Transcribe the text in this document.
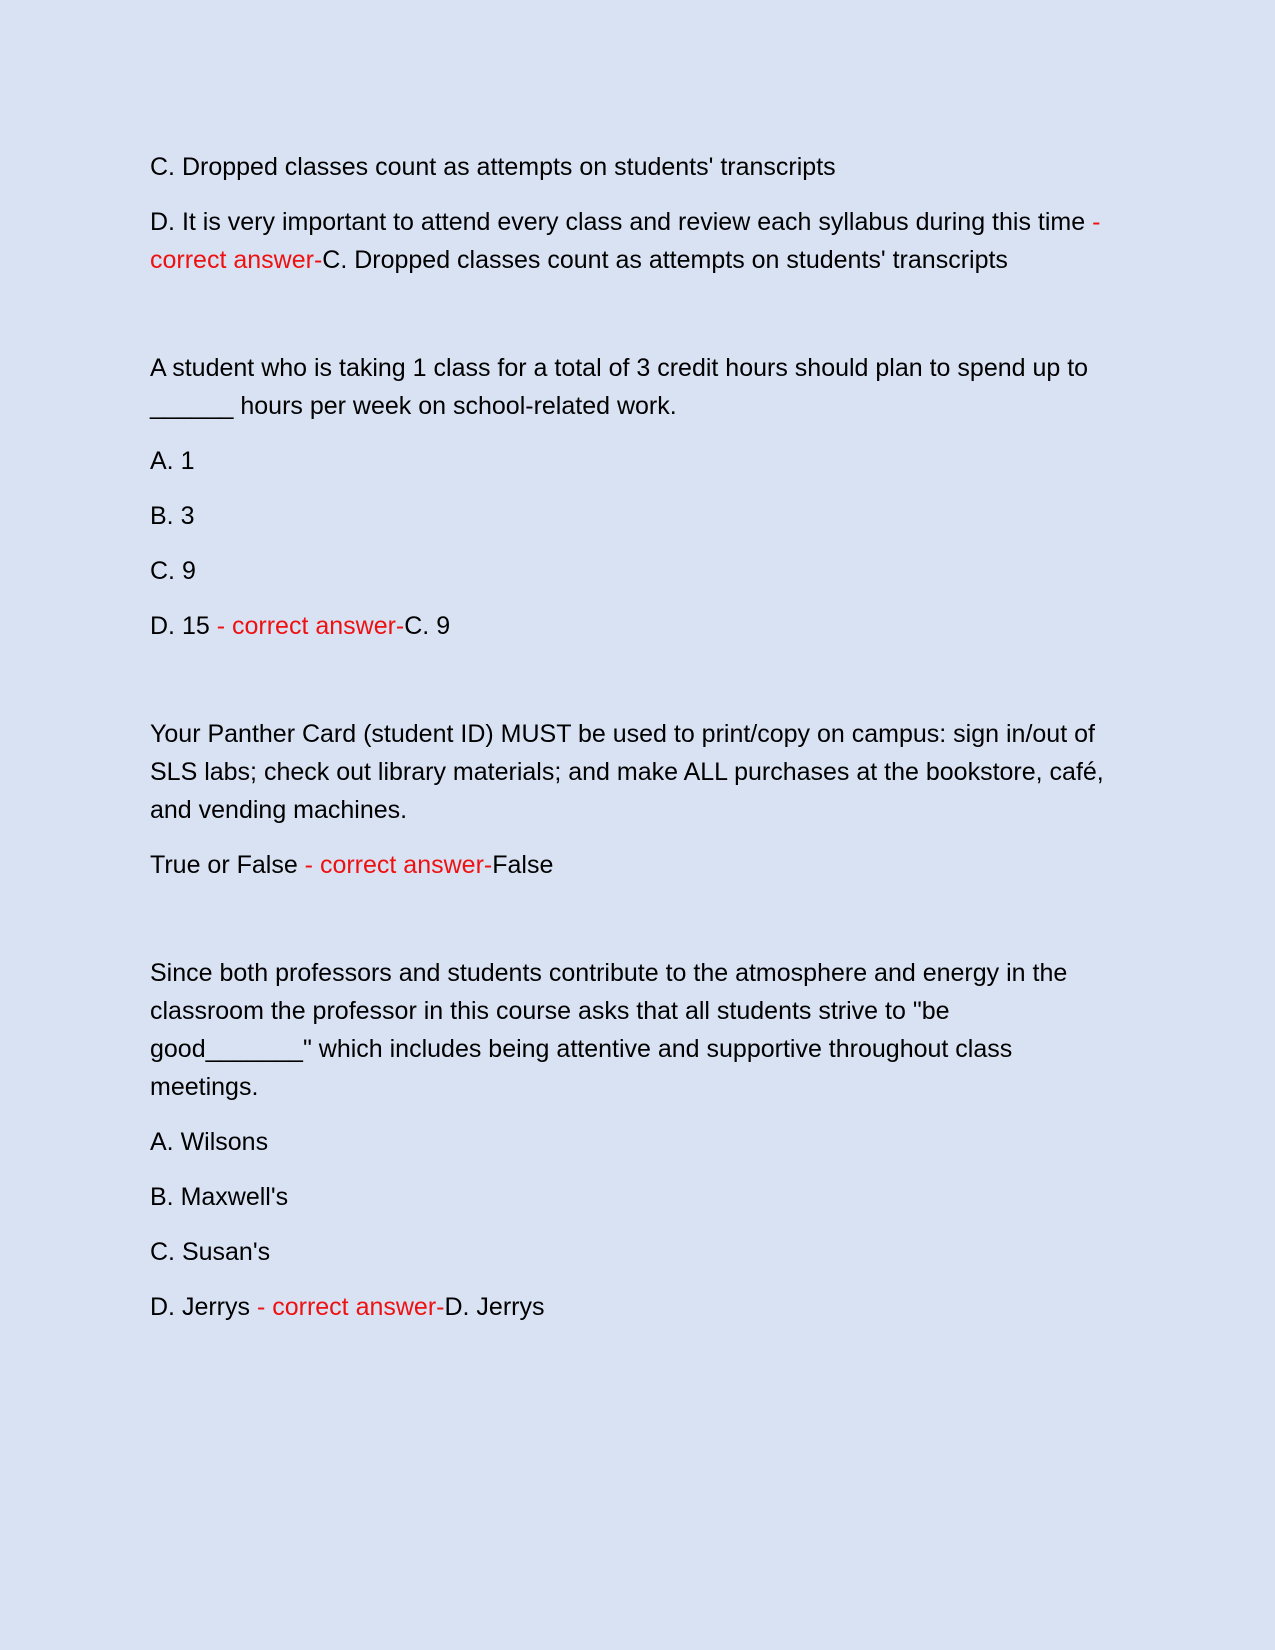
C. Dropped classes count as attempts on students' transcripts

D. It is very important to attend every class and review each syllabus during this time - correct answer-C. Dropped classes count as attempts on students' transcripts

A student who is taking 1 class for a total of 3 credit hours should plan to spend up to ______ hours per week on school-related work.

A. 1

B. 3

C. 9

D. 15 - correct answer-C. 9

Your Panther Card (student ID) MUST be used to print/copy on campus: sign in/out of SLS labs; check out library materials; and make ALL purchases at the bookstore, café, and vending machines.

True or False - correct answer-False

Since both professors and students contribute to the atmosphere and energy in the classroom the professor in this course asks that all students strive to "be good_______" which includes being attentive and supportive throughout class meetings.

A. Wilsons

B. Maxwell's

C. Susan's

D. Jerrys - correct answer-D. Jerrys
